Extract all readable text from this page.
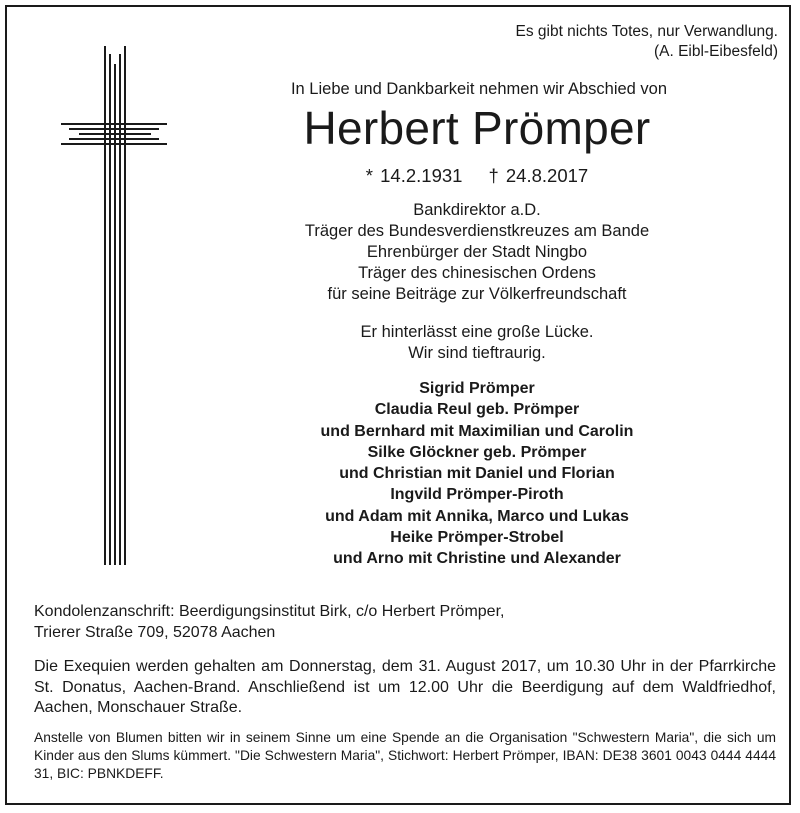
Es gibt nichts Totes, nur Verwandlung.
(A. Eibl-Eibesfeld)
In Liebe und Dankbarkeit nehmen wir Abschied von
Herbert Prömper
* 14.2.1931 † 24.8.2017
Bankdirektor a.D.
Träger des Bundesverdienstkreuzes am Bande
Ehrenbürger der Stadt Ningbo
Träger des chinesischen Ordens
für seine Beiträge zur Völkerfreundschaft
Er hinterlässt eine große Lücke.
Wir sind tieftraurig.
Sigrid Prömper
Claudia Reul geb. Prömper
und Bernhard mit Maximilian und Carolin
Silke Glöckner geb. Prömper
und Christian mit Daniel und Florian
Ingvild Prömper-Piroth
und Adam mit Annika, Marco und Lukas
Heike Prömper-Strobel
und Arno mit Christine und Alexander
Kondolenzanschrift: Beerdigungsinstitut Birk, c/o Herbert Prömper,
Trierer Straße 709, 52078 Aachen
Die Exequien werden gehalten am Donnerstag, dem 31. August 2017, um 10.30 Uhr in der Pfarrkirche St. Donatus, Aachen-Brand. Anschließend ist um 12.00 Uhr die Beerdigung auf dem Waldfriedhof, Aachen, Monschauer Straße.
Anstelle von Blumen bitten wir in seinem Sinne um eine Spende an die Organisation "Schwestern Maria", die sich um Kinder aus den Slums kümmert. "Die Schwestern Maria", Stichwort: Herbert Prömper, IBAN: DE38 3601 0043 0444 4444 31, BIC: PBNKDEFF.
